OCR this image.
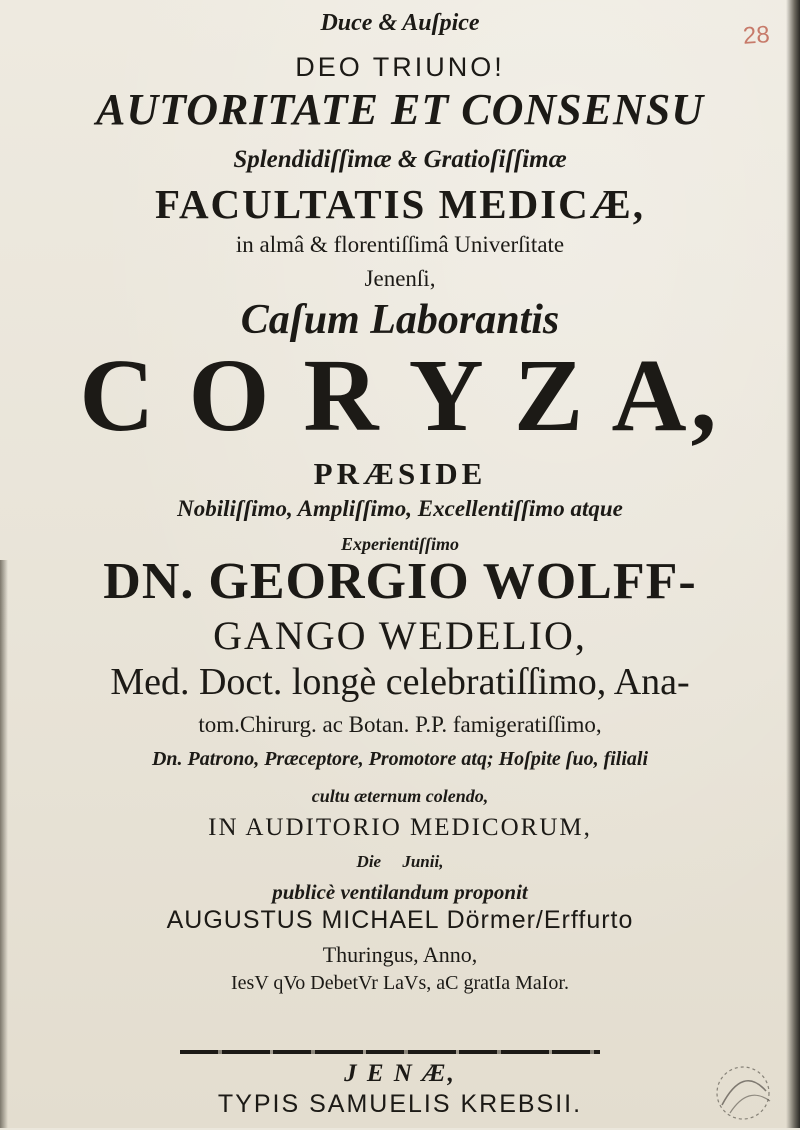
28

Duce & Auſpice

DEO TRIUNO!

AUTORITATE ET CONSENSU

Splendidiſſimæ & Gratioſiſſimæ

FACULTATIS MEDICÆ,

in almâ & florentiſſimâ Univerſitate

Jenenſi,

Caſum Laborantis

C O R Y Z A,

PRÆSIDE

Nobiliſſimo, Ampliſſimo, Excellentiſſimo atque

Experientiſſimo

DN. GEORGIO WOLFF-

GANGO WEDELIO,

Med. Doct. longè celebratiſſimo, Ana-

tom.Chirurg. ac Botan. P.P. famigeratiſſimo,

Dn. Patrono, Præceptore, Promotore atq; Hoſpite ſuo, filiali

cultu æternum colendo,

IN AUDITORIO MEDICORUM,

Die     Junii,

publicè ventilandum proponit

AUGUSTUS MICHAEL Dörmer/Erffurto

Thuringus, Anno,

IesV qVo DebetVr LaVs, aC gratIa MaIor.

J E N Æ,

TYPIS SAMUELIS KREBSII.
